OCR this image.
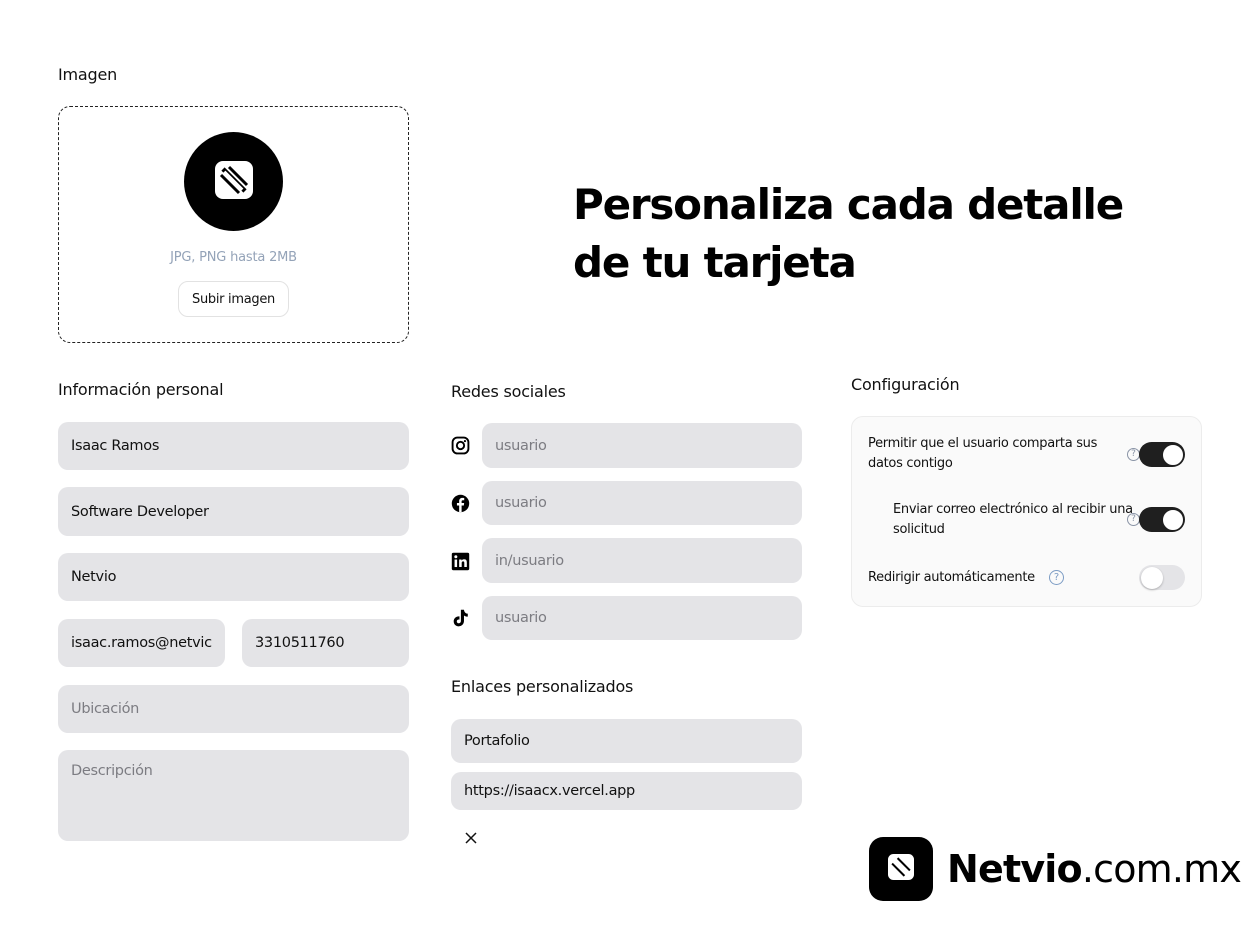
Imagen
JPG, PNG hasta 2MB
Subir imagen
Personaliza cada detalle
de tu tarjeta
Información personal
Isaac Ramos
Software Developer
Netvio
isaac.ramos@netvic	3310511760
Ubicación
Descripción
Redes sociales
usuario
usuario
in/usuario
usuario
Enlaces personalizados
Portafolio
https://isaacx.vercel.app
Configuración
Permitir que el usuario comparta sus datos contigo
?
Enviar correo electrónico al recibir una solicitud
?
Redirigir automáticamente	?
Netvio.com.mx
